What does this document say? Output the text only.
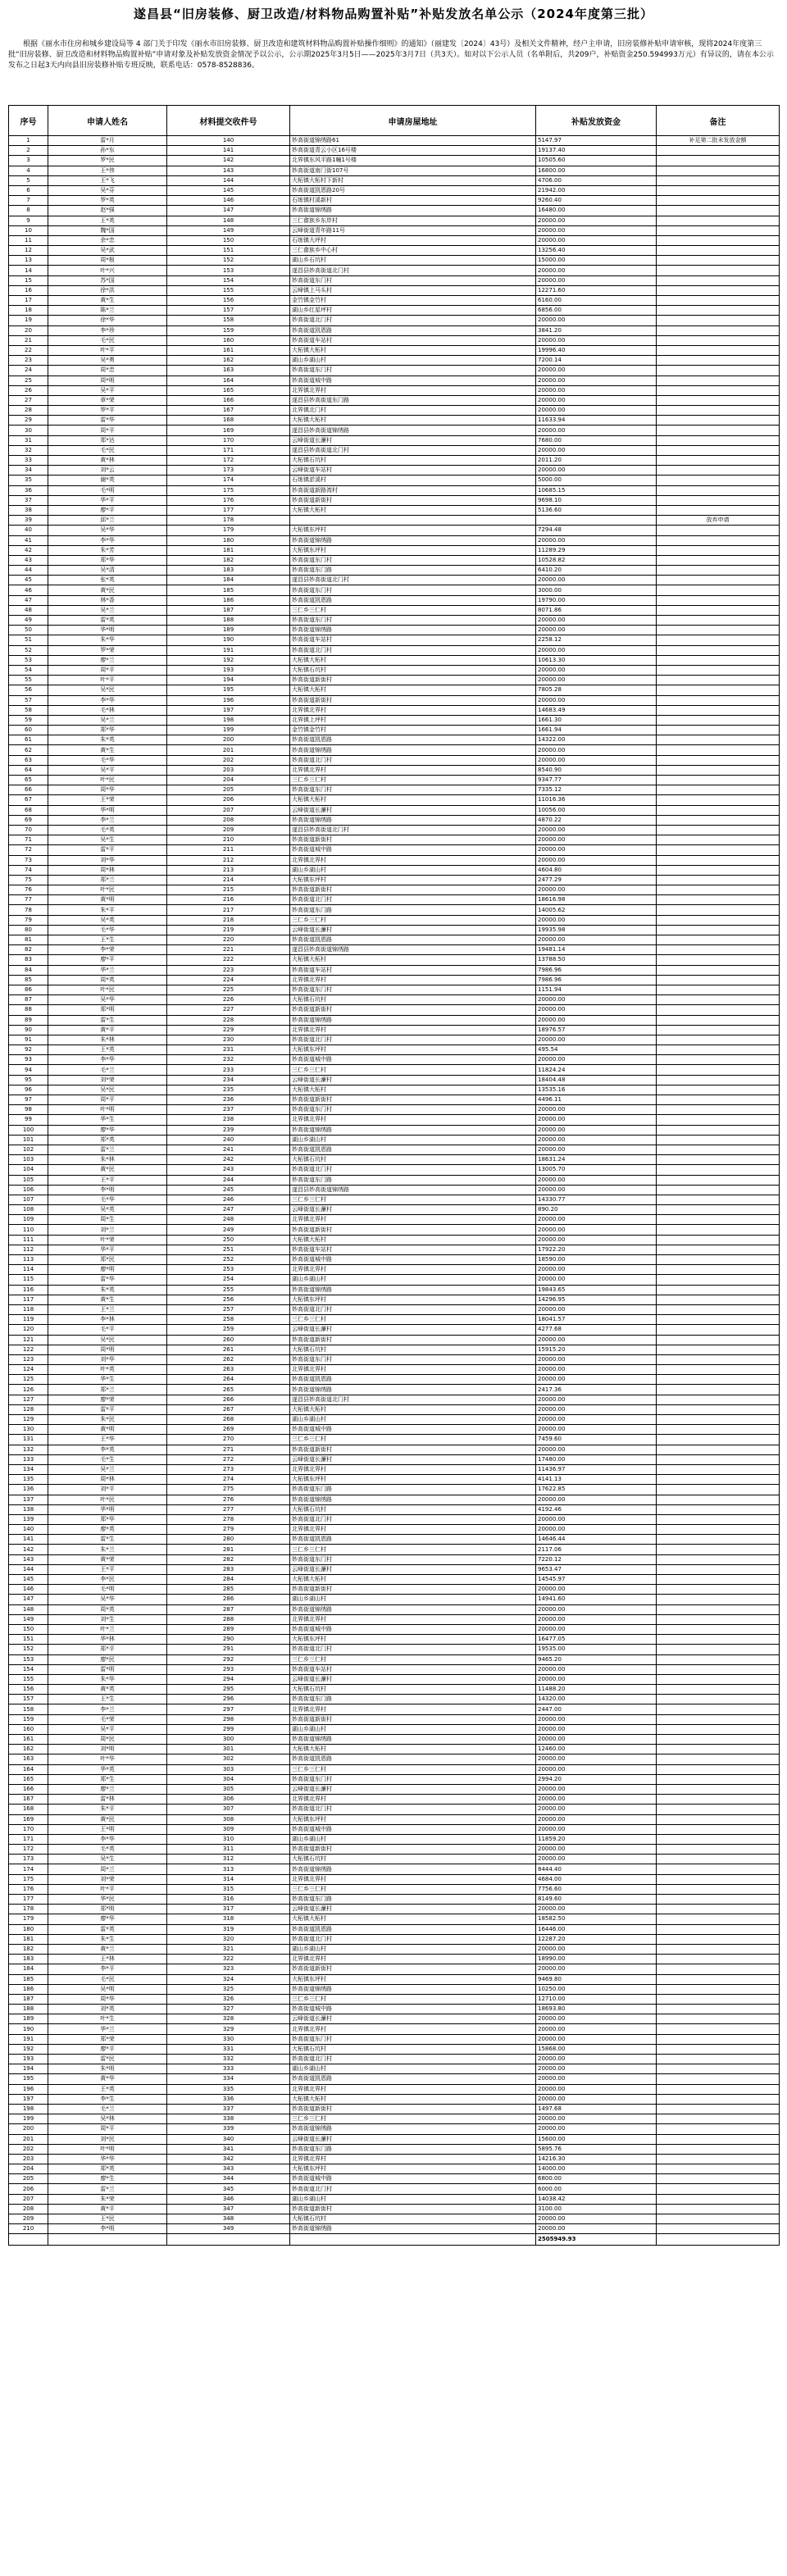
遂昌县“旧房装修、厨卫改造/材料物品购置补贴”补贴发放名单公示（2024年度第三批）
根据《丽水市住房和城乡建设局等 4 部门关于印发《丽水市旧房装修、厨卫改造和建筑材料物品购置补贴操作细则》的通知》（丽建发〔2024〕43号）及相关文件精神，经户主申请，旧房装修补贴申请审核，现将2024年度第三批“旧房装修、厨卫改造和材料物品购置补贴”申请对象及补贴发放资金情况予以公示，公示期2025年3月5日——2025年3月7日（共3天）。如对以下公示人员（名单附后，共209户，补贴资金250.594993万元）有异议的，请在本公示发布之日起3天内向县旧房装修补贴专班反映，联系电话：0578-8528836。
序号	申请人姓名	材料提交收件号	申请房屋地址	补贴发放资金	备注
1	雷*月	140	妙高街道锦绣路61	5147.97	补足第二批未发放金额
2	孙*东	141	妙高街道青云小区16号楼	19137.40	
3	罗*民	142	北界镇东风平路1幢1号楼	10505.60	
4	王*伟	143	妙高街道南门街107号	16800.00	
5	王*飞	144	大柘镇大柘村下新村	4706.00	
6	吴*芬	145	妙高街道凯恩路20号	21942.00	
7	罗*英	146	石练镇村溪新村	9260.40	
8	赵*强	147	妙高街道锦绣路	16480.00	
9	王*英	148	三仁畲族乡东岸村	20000.00	
10	魏*国	149	云峰街道青年路11号	20000.00	
11	余*忠	150	石练镇大坪村	20000.00	
12	吴*武	151	三仁畲族乡中心村	13256.40	
13	周*根	152	湖山乡石坑村	15000.00	
14	叶*兴	153	遂昌县妙高街道北门村	20000.00	
15	苏*国	154	妙高街道东门村	20000.00	
16	徐*洪	155	云峰镇上马头村	12271.60	
17	黄*生	156	金竹镇金竹村	6160.00	
18	陈*兰	157	湖山乡红星坪村	6856.00	
19	徐*华	158	妙高街道北门村	20000.00	
20	李*珍	159	妙高街道凯恩路	3841.20	
21	毛*民	160	妙高街道车站村	20000.00	
22	叶*平	161	大柘镇大柘村	19996.40	
23	吴*勇	162	湖山乡湖山村	7200.14	
24	周*忠	163	妙高街道东门村	20000.00	
25	周*明	164	妙高街道城中路	20000.00	
26	吴*平	165	北界镇北界村	20000.00	
27	章*荣	166	遂昌县妙高街道东门路	20000.00	
28	罗*平	167	北界镇北门村	20000.00	
29	雷*华	168	大柘镇大柘村	11633.94	
30	周*平	169	遂昌县妙高街道锦绣路	20000.00	
31	郑*达	170	云峰街道长濂村	7680.00	
32	毛*民	171	遂昌县妙高街道北门村	20000.00	
33	黄*林	172	大柘镇石坑村	2011.20	
34	刘*云	173	云峰街道车站村	20000.00	
35	谢*英	174	石练镇淤溪村	5000.00	
36	毛*明	175	妙高街道新路湾村	10685.15	
37	华*平	176	妙高街道新街村	9698.10	
38	廖*平	177	大柘镇大柘村	5136.60	
39	邱*兰	178			放弃申请
40	吴*华	179	大柘镇东坪村	7294.48	
41	李*华	180	妙高街道锦绣路	20000.00	
42	朱*芳	181	大柘镇东坪村	11289.29	
43	郑*华	182	妙高街道东门村	10528.82	
44	吴*清	183	妙高街道东门路	6410.20	
45	张*英	184	遂昌县妙高街道北门村	20000.00	
46	黄*民	185	妙高街道东门村	3000.00	
47	林*香	186	妙高街道凯恩路	19790.00	
48	吴*兰	187	三仁乡三仁村	8071.86	
49	雷*英	188	妙高街道东门村	20000.00	
50	华*明	189	妙高街道锦绣路	20000.00	
51	朱*华	190	妙高街道车站村	2258.12	
52	罗*荣	191	妙高街道北门村	20000.00	
53	廖*兰	192	大柘镇大柘村	10613.30	
54	周*平	193	大柘镇石坑村	20000.00	
55	叶*平	194	妙高街道新街村	20000.00	
56	吴*民	195	大柘镇大柘村	7805.28	
57	李*华	196	妙高街道新街村	20000.00	
58	毛*林	197	北界镇北界村	14683.49	
59	吴*兰	198	北界镇上坪村	1661.30	
60	郑*华	199	金竹镇金竹村	1661.94	
61	朱*英	200	妙高街道凯恩路	14322.00	
62	黄*生	201	妙高街道锦绣路	20000.00	
63	毛*华	202	妙高街道北门村	20000.00	
64	吴*平	203	北界镇北界村	8540.90	
65	叶*民	204	三仁乡三仁村	9347.77	
66	周*华	205	妙高街道东门村	7335.12	
67	王*荣	206	大柘镇大柘村	11016.36	
68	华*明	207	云峰街道长濂村	10056.00	
69	李*兰	208	妙高街道锦绣路	4870.22	
70	毛*英	209	遂昌县妙高街道北门村	20000.00	
71	吴*生	210	妙高街道新街村	20000.00	
72	雷*平	211	妙高街道城中路	20000.00	
73	刘*华	212	北界镇北界村	20000.00	
74	周*林	213	湖山乡湖山村	4604.80	
75	郑*兰	214	大柘镇东坪村	2477.29	
76	叶*民	215	妙高街道新街村	20000.00	
77	黄*明	216	妙高街道北门村	18616.98	
78	朱*平	217	妙高街道东门路	14005.62	
79	吴*英	218	三仁乡三仁村	20000.00	
80	毛*华	219	云峰街道长濂村	19935.98	
81	王*生	220	妙高街道凯恩路	20000.00	
82	李*荣	221	遂昌县妙高街道锦绣路	19481.14	
83	廖*平	222	大柘镇大柘村	13788.50	
84	华*兰	223	妙高街道车站村	7986.96	
85	周*英	224	北界镇北界村	7986.96	
86	叶*民	225	妙高街道东门村	1151.94	
87	吴*华	226	大柘镇石坑村	20000.00	
88	郑*明	227	妙高街道新街村	20000.00	
89	雷*生	228	妙高街道锦绣路	20000.00	
90	黄*平	229	北界镇北界村	18976.57	
91	朱*林	230	妙高街道北门村	20000.00	
92	王*英	231	大柘镇东坪村	495.54	
93	李*华	232	妙高街道城中路	20000.00	
94	毛*兰	233	三仁乡三仁村	11824.24	
95	刘*荣	234	云峰街道长濂村	18404.48	
96	吴*民	235	大柘镇大柘村	13535.16	
97	周*平	236	妙高街道新街村	4496.11	
98	叶*明	237	妙高街道东门村	20000.00	
99	华*生	238	北界镇北界村	20000.00	
100	廖*华	239	妙高街道锦绣路	20000.00	
101	郑*英	240	湖山乡湖山村	20000.00	
102	雷*兰	241	妙高街道凯恩路	20000.00	
103	朱*林	242	大柘镇石坑村	18631.24	
104	黄*民	243	妙高街道北门村	13005.70	
105	王*平	244	妙高街道东门路	20000.00	
106	李*明	245	遂昌县妙高街道锦绣路	20000.00	
107	毛*华	246	三仁乡三仁村	14330.77	
108	吴*英	247	云峰街道长濂村	890.20	
109	周*生	248	北界镇北界村	20000.00	
110	刘*兰	249	妙高街道新街村	20000.00	
111	叶*荣	250	大柘镇大柘村	20000.00	
112	华*平	251	妙高街道车站村	17922.20	
113	郑*民	252	妙高街道城中路	18590.00	
114	廖*明	253	北界镇北界村	20000.00	
115	雷*华	254	湖山乡湖山村	20000.00	
116	朱*英	255	妙高街道锦绣路	19843.65	
117	黄*生	256	大柘镇东坪村	14296.95	
118	王*兰	257	妙高街道北门村	20000.00	
119	李*林	258	三仁乡三仁村	18041.57	
120	毛*平	259	云峰街道长濂村	4277.68	
121	吴*民	260	妙高街道新街村	20000.00	
122	周*明	261	大柘镇石坑村	15915.20	
123	刘*华	262	妙高街道东门村	20000.00	
124	叶*英	263	北界镇北界村	20000.00	
125	华*生	264	妙高街道凯恩路	20000.00	
126	郑*兰	265	妙高街道锦绣路	2417.36	
127	廖*荣	266	遂昌县妙高街道北门村	20000.00	
128	雷*平	267	大柘镇大柘村	20000.00	
129	朱*民	268	湖山乡湖山村	20000.00	
130	黄*明	269	妙高街道城中路	20000.00	
131	王*华	270	三仁乡三仁村	7459.60	
132	李*英	271	妙高街道新街村	20000.00	
133	毛*生	272	云峰街道长濂村	17480.00	
134	吴*兰	273	北界镇北界村	11436.97	
135	周*林	274	大柘镇东坪村	4141.13	
136	刘*平	275	妙高街道东门路	17622.85	
137	叶*民	276	妙高街道锦绣路	20000.00	
138	华*明	277	大柘镇石坑村	4192.46	
139	郑*华	278	妙高街道北门村	20000.00	
140	廖*英	279	北界镇北界村	20000.00	
141	雷*生	280	妙高街道凯恩路	14646.44	
142	朱*兰	281	三仁乡三仁村	2117.06	
143	黄*荣	282	妙高街道东门村	7220.12	
144	王*平	283	云峰街道长濂村	9653.47	
145	李*民	284	大柘镇大柘村	14545.97	
146	毛*明	285	妙高街道新街村	20000.00	
147	吴*华	286	湖山乡湖山村	14941.60	
148	周*英	287	妙高街道锦绣路	20000.00	
149	刘*生	288	北界镇北界村	20000.00	
150	叶*兰	289	妙高街道城中路	20000.00	
151	华*林	290	大柘镇东坪村	16477.05	
152	郑*平	291	妙高街道北门村	19535.00	
153	廖*民	292	三仁乡三仁村	9465.20	
154	雷*明	293	妙高街道车站村	20000.00	
155	朱*华	294	云峰街道长濂村	20000.00	
156	黄*英	295	大柘镇石坑村	11488.20	
157	王*生	296	妙高街道东门路	14320.00	
158	李*兰	297	北界镇北界村	2447.00	
159	毛*荣	298	妙高街道新街村	20000.00	
160	吴*平	299	湖山乡湖山村	20000.00	
161	周*民	300	妙高街道锦绣路	20000.00	
162	刘*明	301	大柘镇大柘村	12460.00	
163	叶*华	302	妙高街道凯恩路	20000.00	
164	华*英	303	三仁乡三仁村	20000.00	
165	郑*生	304	妙高街道东门村	2994.20	
166	廖*兰	305	云峰街道长濂村	20000.00	
167	雷*林	306	北界镇北界村	20000.00	
168	朱*平	307	妙高街道北门村	20000.00	
169	黄*民	308	大柘镇东坪村	20000.00	
170	王*明	309	妙高街道城中路	20000.00	
171	李*华	310	湖山乡湖山村	11859.20	
172	毛*英	311	妙高街道新街村	20000.00	
173	吴*生	312	大柘镇石坑村	20000.00	
174	周*兰	313	妙高街道锦绣路	8444.40	
175	刘*荣	314	北界镇北界村	4684.00	
176	叶*平	315	三仁乡三仁村	7756.60	
177	华*民	316	妙高街道东门路	8149.60	
178	郑*明	317	云峰街道长濂村	20000.00	
179	廖*华	318	大柘镇大柘村	18582.50	
180	雷*英	319	妙高街道凯恩路	16446.00	
181	朱*生	320	妙高街道北门村	12287.20	
182	黄*兰	321	湖山乡湖山村	20000.00	
183	王*林	322	北界镇北界村	18990.00	
184	李*平	323	妙高街道新街村	20000.00	
185	毛*民	324	大柘镇东坪村	9469.80	
186	吴*明	325	妙高街道锦绣路	10250.00	
187	周*华	326	三仁乡三仁村	12710.00	
188	刘*英	327	妙高街道城中路	18693.80	
189	叶*生	328	云峰街道长濂村	20000.00	
190	华*兰	329	北界镇北界村	20000.00	
191	郑*荣	330	妙高街道东门村	20000.00	
192	廖*平	331	大柘镇石坑村	15868.00	
193	雷*民	332	妙高街道北门村	20000.00	
194	朱*明	333	湖山乡湖山村	20000.00	
195	黄*华	334	妙高街道凯恩路	20000.00	
196	王*英	335	北界镇北界村	20000.00	
197	李*生	336	大柘镇大柘村	20000.00	
198	毛*兰	337	妙高街道新街村	1497.68	
199	吴*林	338	三仁乡三仁村	20000.00	
200	周*平	339	妙高街道锦绣路	20000.00	
201	刘*民	340	云峰街道长濂村	15600.00	
202	叶*明	341	妙高街道东门路	5895.76	
203	华*华	342	北界镇北界村	14216.30	
204	郑*英	343	大柘镇东坪村	14000.00	
205	廖*生	344	妙高街道城中路	6800.00	
206	雷*兰	345	妙高街道北门村	6000.00	
207	朱*荣	346	湖山乡湖山村	14038.42	
208	黄*平	347	妙高街道新街村	3100.00	
209	王*民	348	大柘镇石坑村	20000.00	
210	李*明	349	妙高街道锦绣路	20000.00	
				2505949.93	
